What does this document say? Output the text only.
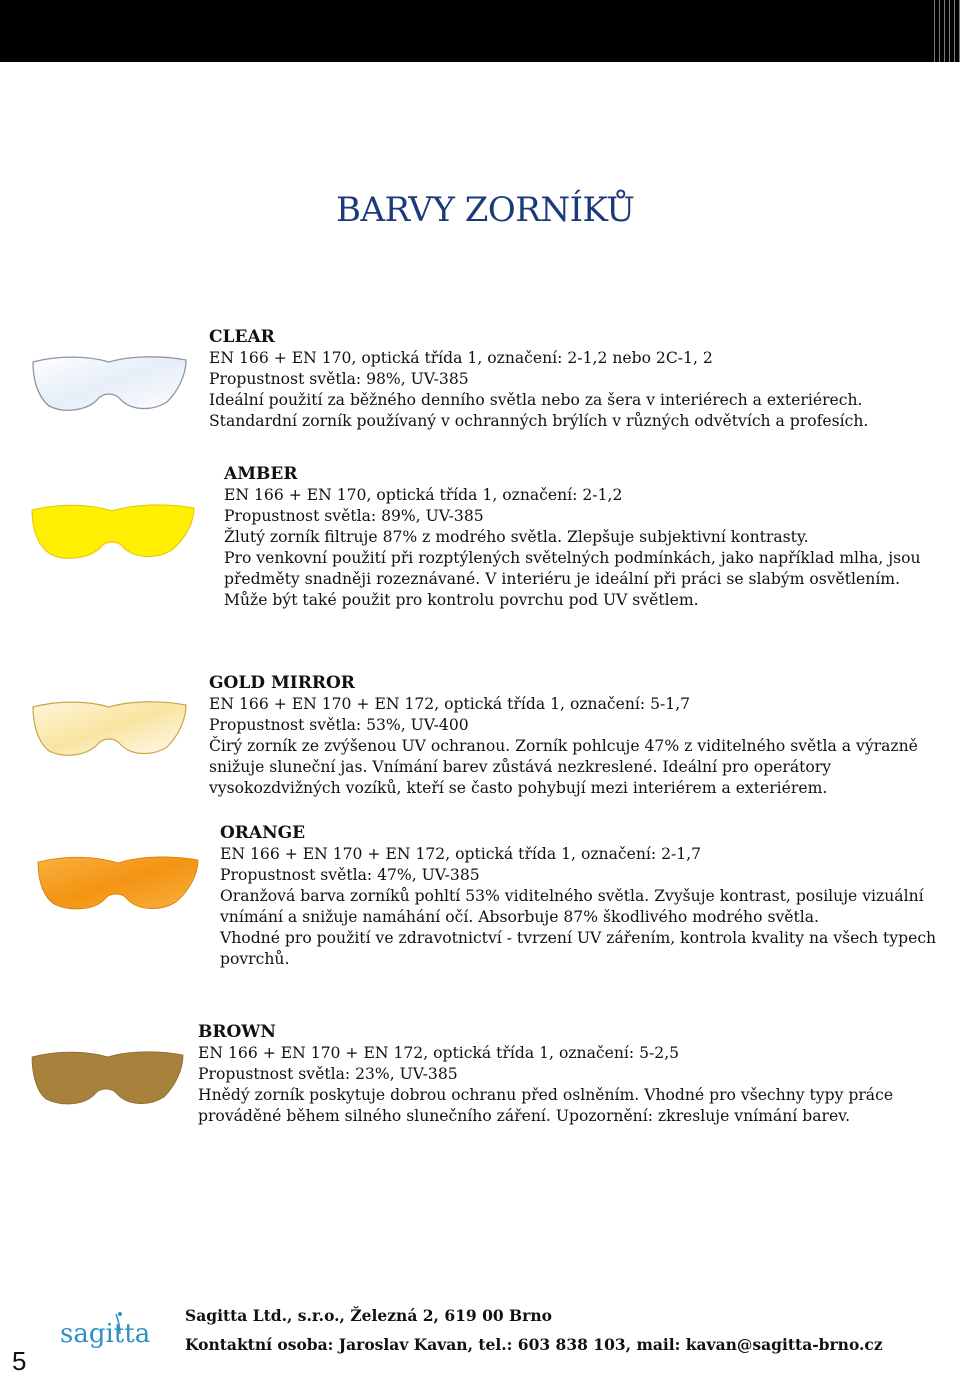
BARVY ZORNÍKŮ

CLEAR

EN 166 + EN 170, optická třída 1, označení: 2-1,2 nebo 2C-1, 2

Propustnost světla: 98%, UV-385

Ideální použití za běžného denního světla nebo za šera v interiérech a exteriérech. Standardní zorník používaný v ochranných brýlích v různých odvětvích a profesích.

AMBER

EN 166 + EN 170, optická třída 1, označení: 2-1,2

Propustnost světla: 89%, UV-385

Žlutý zorník filtruje 87% z modrého světla. Zlepšuje subjektivní kontrasty.

Pro venkovní použití při rozptýlených světelných podmínkách, jako například mlha, jsou předměty snadněji rozeznávané. V interiéru je ideální při práci se slabým osvětlením. Může být také použit pro kontrolu povrchu pod UV světlem.

GOLD MIRROR

EN 166 + EN 170 + EN 172, optická třída 1, označení: 5-1,7

Propustnost světla: 53%, UV-400

Čirý zorník ze zvýšenou UV ochranou. Zorník pohlcuje 47% z viditelného světla a výrazně snižuje sluneční jas. Vnímání barev zůstává nezkreslené. Ideální pro operátory vysokozdvižných vozíků, kteří se často pohybují mezi interiérem a exteriérem.

ORANGE

EN 166 + EN 170 + EN 172, optická třída 1, označení: 2-1,7

Propustnost světla: 47%, UV-385

Oranžová barva zorníků pohltí 53% viditelného světla. Zvyšuje kontrast, posiluje vizuální vnímání a snižuje namáhání očí. Absorbuje 87% škodlivého modrého světla.

Vhodné pro použití ve zdravotnictví - tvrzení UV zářením, kontrola kvality na všech typech povrchů.

BROWN

EN 166 + EN 170 + EN 172, optická třída 1, označení: 5-2,5

Propustnost světla: 23%, UV-385

Hnědý zorník poskytuje dobrou ochranu před oslněním. Vhodné pro všechny typy práce prováděné během silného slunečního záření. Upozornění: zkresluje vnímání barev.

sagitta
Sagitta Ltd., s.r.o., Železná 2, 619 00 Brno
Kontaktní osoba: Jaroslav Kavan, tel.: 603 838 103, mail: kavan@sagitta-brno.cz
5
